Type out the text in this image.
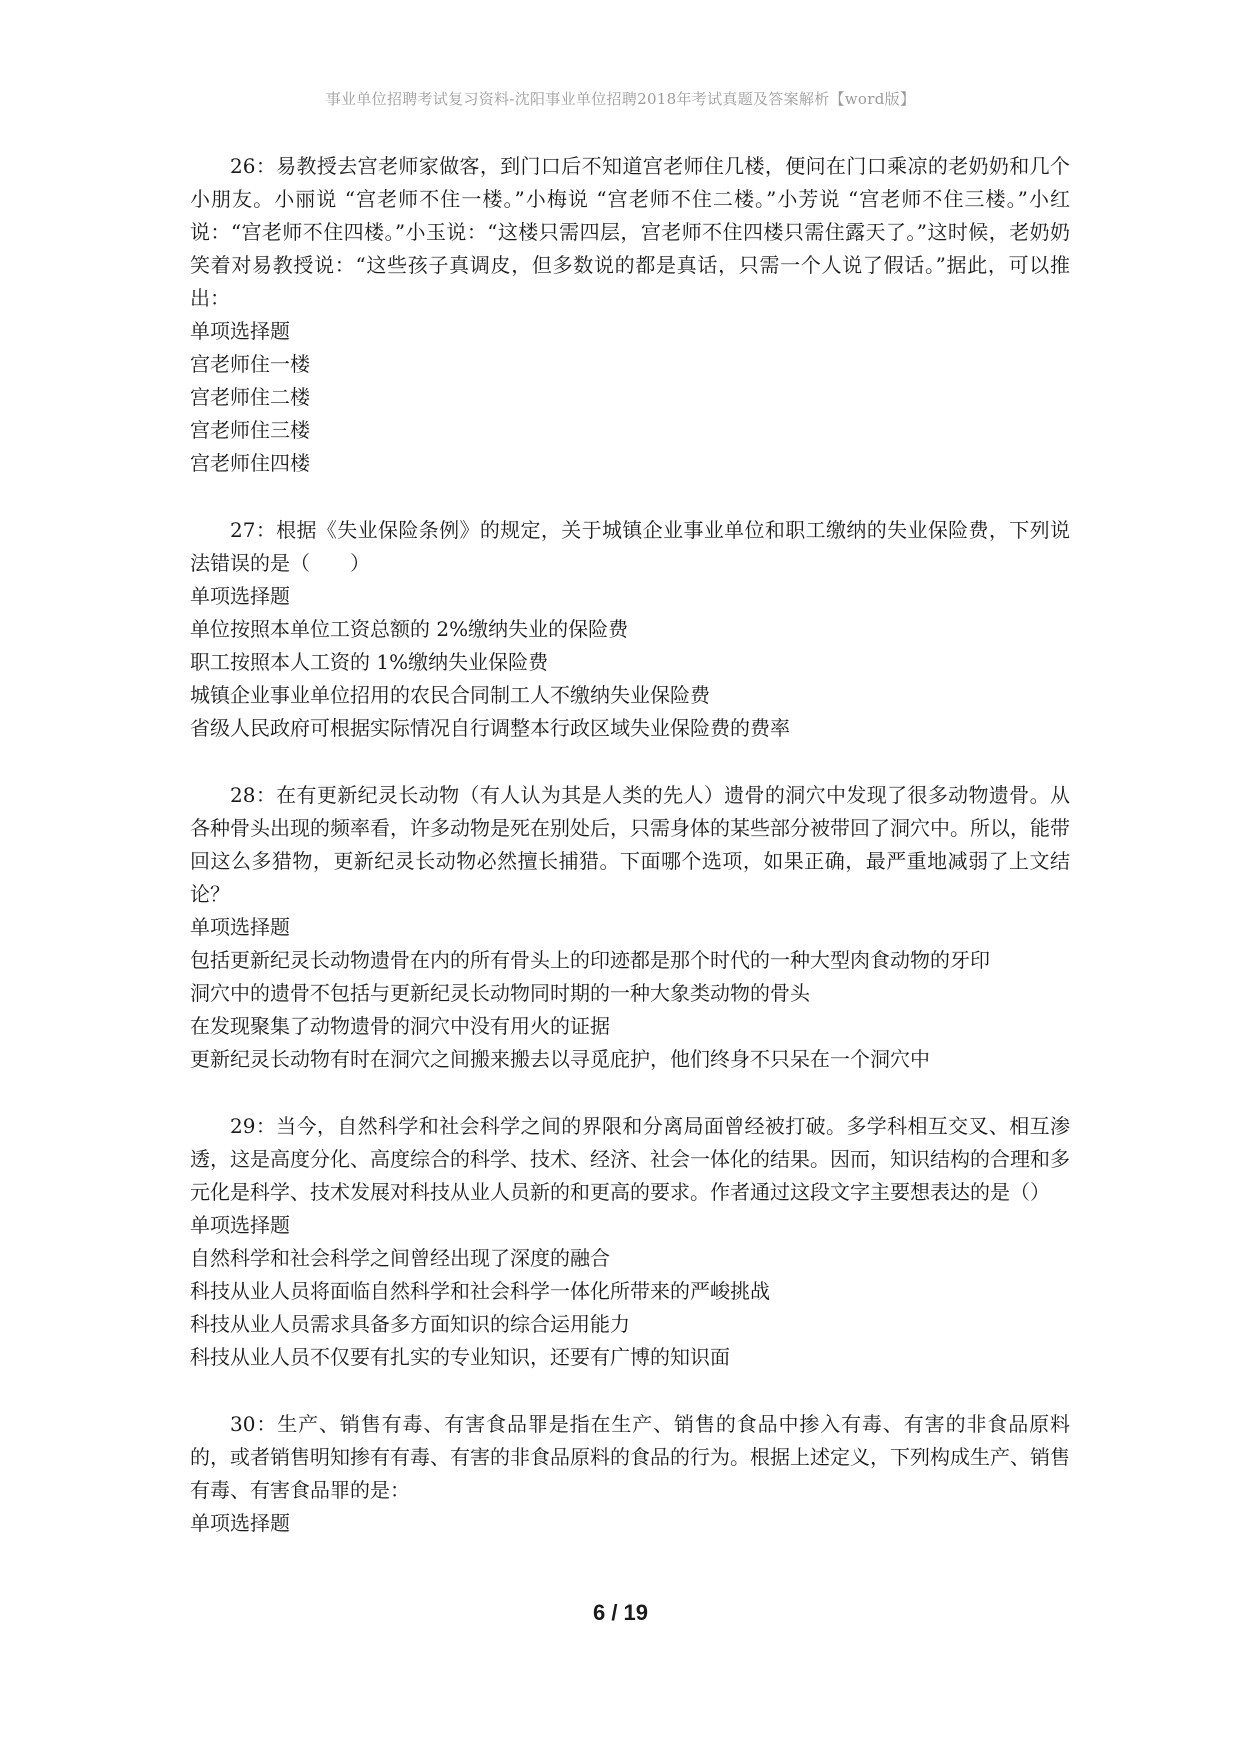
事业单位招聘考试复习资料-沈阳事业单位招聘2018年考试真题及答案解析【word版】

26：易教授去宫老师家做客，到门口后不知道宫老师住几楼，便问在门口乘凉的老奶奶和几个小朋友。小丽说 “宫老师不住一楼。”小梅说 “宫老师不住二楼。”小芳说 “宫老师不住三楼。”小红说：“宫老师不住四楼。”小玉说：“这楼只需四层，宫老师不住四楼只需住露天了。”这时候，老奶奶笑着对易教授说：“这些孩子真调皮，但多数说的都是真话，只需一个人说了假话。”据此，可以推出：

单项选择题

宫老师住一楼

宫老师住二楼

宫老师住三楼

宫老师住四楼

27：根据《失业保险条例》的规定，关于城镇企业事业单位和职工缴纳的失业保险费，下列说法错误的是（　　）

单项选择题

单位按照本单位工资总额的 2%缴纳失业的保险费

职工按照本人工资的 1%缴纳失业保险费

城镇企业事业单位招用的农民合同制工人不缴纳失业保险费

省级人民政府可根据实际情况自行调整本行政区域失业保险费的费率

28：在有更新纪灵长动物（有人认为其是人类的先人）遗骨的洞穴中发现了很多动物遗骨。从各种骨头出现的频率看，许多动物是死在别处后，只需身体的某些部分被带回了洞穴中。所以，能带回这么多猎物，更新纪灵长动物必然擅长捕猎。下面哪个选项，如果正确，最严重地减弱了上文结论？

单项选择题

包括更新纪灵长动物遗骨在内的所有骨头上的印迹都是那个时代的一种大型肉食动物的牙印

洞穴中的遗骨不包括与更新纪灵长动物同时期的一种大象类动物的骨头

在发现聚集了动物遗骨的洞穴中没有用火的证据

更新纪灵长动物有时在洞穴之间搬来搬去以寻觅庇护，他们终身不只呆在一个洞穴中

29：当今，自然科学和社会科学之间的界限和分离局面曾经被打破。多学科相互交叉、相互渗透，这是高度分化、高度综合的科学、技术、经济、社会一体化的结果。因而，知识结构的合理和多元化是科学、技术发展对科技从业人员新的和更高的要求。作者通过这段文字主要想表达的是（）

单项选择题

自然科学和社会科学之间曾经出现了深度的融合

科技从业人员将面临自然科学和社会科学一体化所带来的严峻挑战

科技从业人员需求具备多方面知识的综合运用能力

科技从业人员不仅要有扎实的专业知识，还要有广博的知识面

30：生产、销售有毒、有害食品罪是指在生产、销售的食品中掺入有毒、有害的非食品原料的，或者销售明知掺有有毒、有害的非食品原料的食品的行为。根据上述定义，下列构成生产、销售有毒、有害食品罪的是：

单项选择题

6 / 19
